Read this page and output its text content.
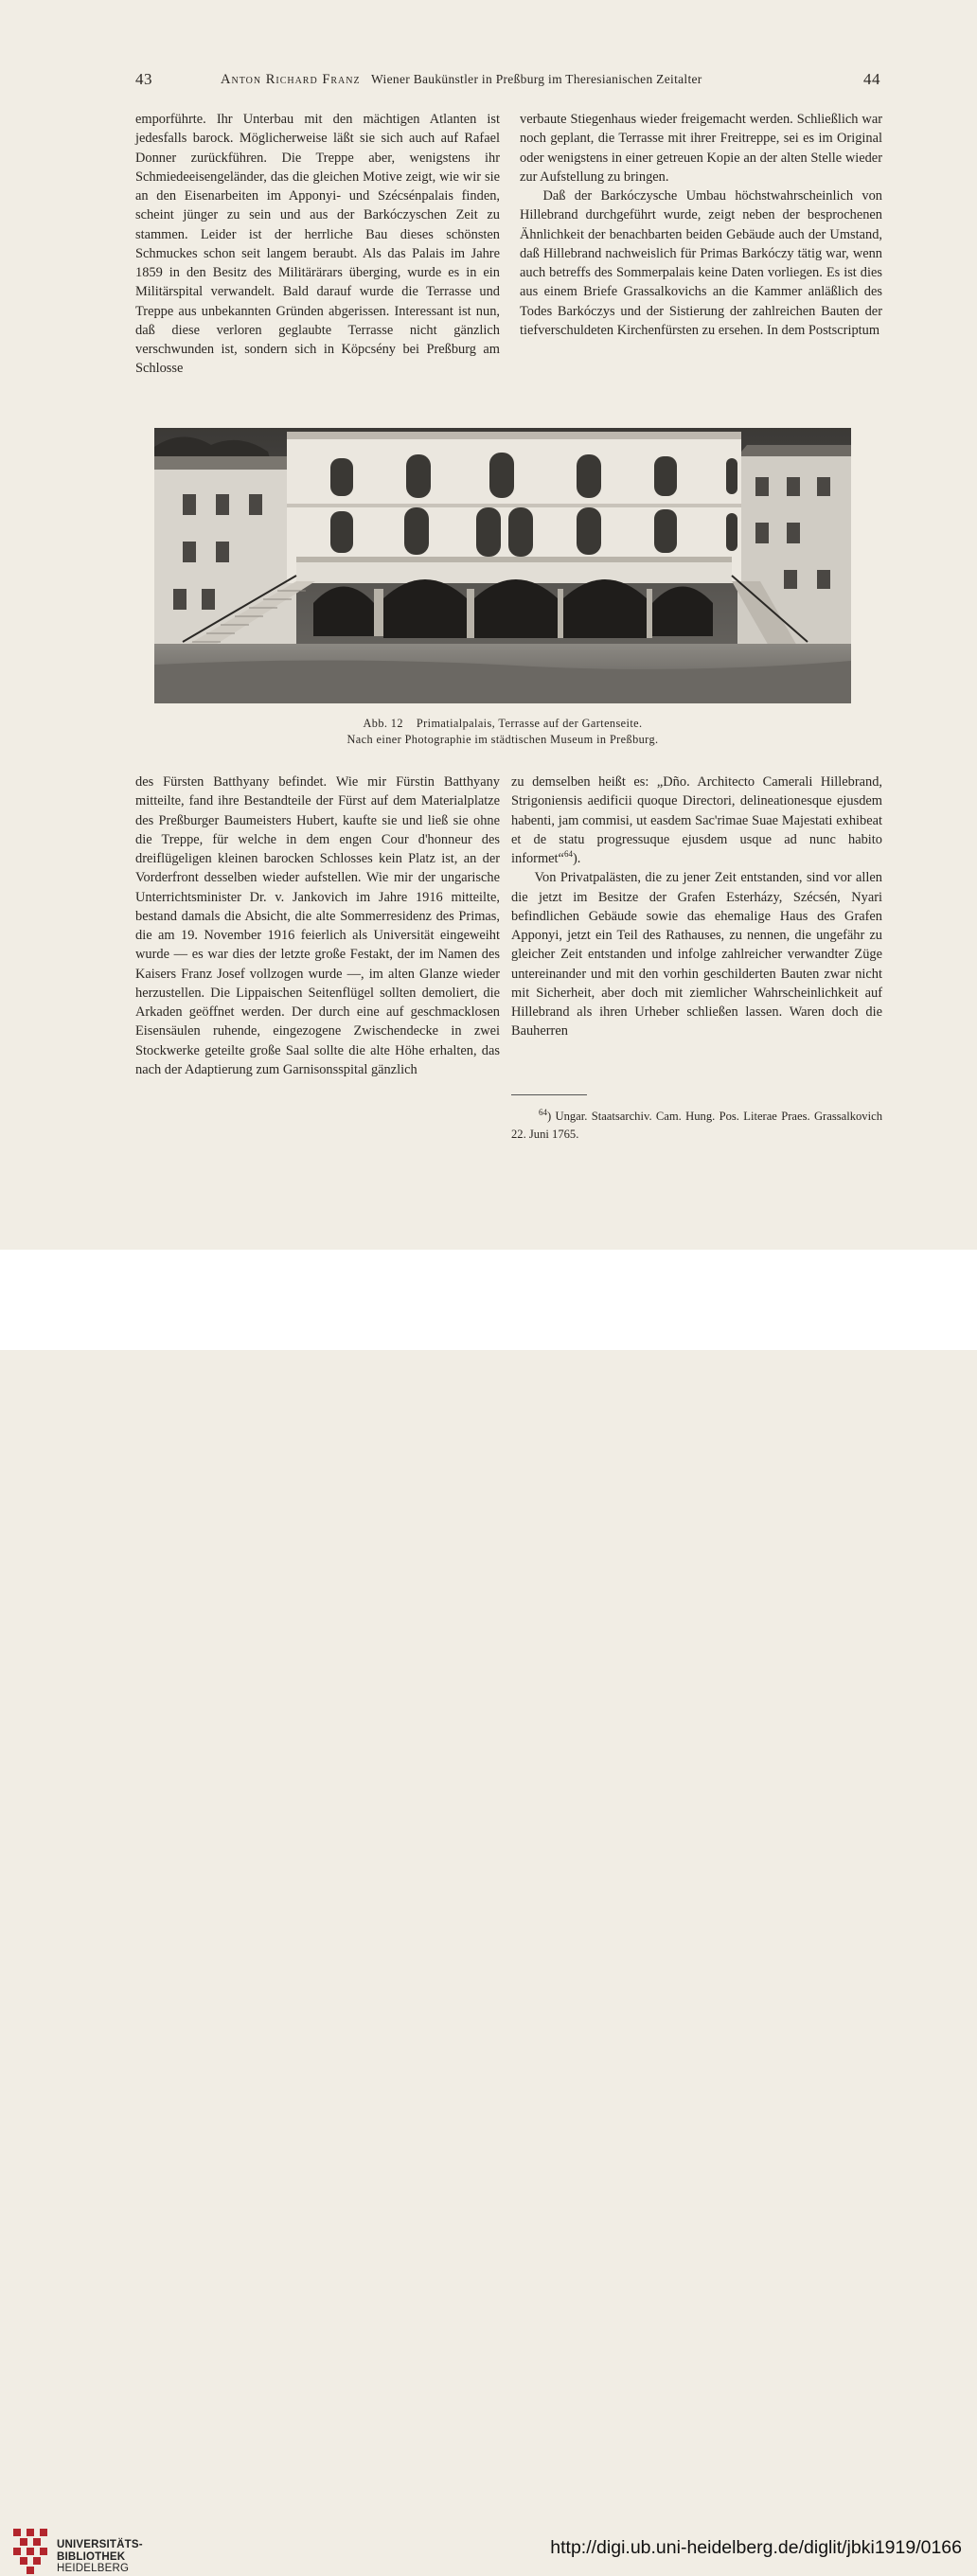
43	Anton Richard Franz Wiener Baukünstler in Preßburg im Theresianischen Zeitalter	44

emporführte. Ihr Unterbau mit den mächtigen Atlanten ist jedesfalls barock. Möglicherweise läßt sie sich auch auf Rafael Donner zurückführen. Die Treppe aber, wenigstens ihr Schmiedeeisengeländer, das die gleichen Motive zeigt, wie wir sie an den Eisenarbeiten im Apponyi- und Szécsénpalais finden, scheint jünger zu sein und aus der Barkóczyschen Zeit zu stammen. Leider ist der herrliche Bau dieses schönsten Schmuckes schon seit langem beraubt. Als das Palais im Jahre 1859 in den Besitz des Militärärars überging, wurde es in ein Militärspital verwandelt. Bald darauf wurde die Terrasse und Treppe aus unbekannten Gründen abgerissen. Interessant ist nun, daß diese verloren geglaubte Terrasse nicht gänzlich verschwunden ist, sondern sich in Köpcsény bei Preßburg am Schlosse

verbaute Stiegenhaus wieder freigemacht werden. Schließlich war noch geplant, die Terrasse mit ihrer Freitreppe, sei es im Original oder wenigstens in einer getreuen Kopie an der alten Stelle wieder zur Aufstellung zu bringen.

Daß der Barkóczysche Umbau höchstwahrscheinlich von Hillebrand durchgeführt wurde, zeigt neben der besprochenen Ähnlichkeit der benachbarten beiden Gebäude auch der Umstand, daß Hillebrand nachweislich für Primas Barkóczy tätig war, wenn auch betreffs des Sommerpalais keine Daten vorliegen. Es ist dies aus einem Briefe Grassalkovichs an die Kammer anläßlich des Todes Barkóczys und der Sistierung der zahlreichen Bauten der tiefverschuldeten Kirchenfürsten zu ersehen. In dem Postscriptum

Abb. 12 Primatialpalais, Terrasse auf der Gartenseite.
Nach einer Photographie im städtischen Museum in Preßburg.

des Fürsten Batthyany befindet. Wie mir Fürstin Batthyany mitteilte, fand ihre Bestandteile der Fürst auf dem Materialplatze des Preßburger Baumeisters Hubert, kaufte sie und ließ sie ohne die Treppe, für welche in dem engen Cour d'honneur des dreiflügeligen kleinen barocken Schlosses kein Platz ist, an der Vorderfront desselben wieder aufstellen. Wie mir der ungarische Unterrichtsminister Dr. v. Jankovich im Jahre 1916 mitteilte, bestand damals die Absicht, die alte Sommerresidenz des Primas, die am 19. November 1916 feierlich als Universität eingeweiht wurde — es war dies der letzte große Festakt, der im Namen des Kaisers Franz Josef vollzogen wurde —, im alten Glanze wieder herzustellen. Die Lippaischen Seitenflügel sollten demoliert, die Arkaden geöffnet werden. Der durch eine auf geschmacklosen Eisensäulen ruhende, eingezogene Zwischendecke in zwei Stockwerke geteilte große Saal sollte die alte Höhe erhalten, das nach der Adaptierung zum Garnisonsspital gänzlich

zu demselben heißt es: „Dño. Architecto Camerali Hillebrand, Strigoniensis aedificii quoque Directori, delineationesque ejusdem habenti, jam commisi, ut easdem Sac'rimae Suae Majestati exhibeat et de statu progressuque ejusdem usque ad nunc habito informet“$^{64}$).

Von Privatpalästen, die zu jener Zeit entstanden, sind vor allen die jetzt im Besitze der Grafen Esterházy, Szécsén, Nyari befindlichen Gebäude sowie das ehemalige Haus des Grafen Apponyi, jetzt ein Teil des Rathauses, zu nennen, die ungefähr zu gleicher Zeit entstanden und infolge zahlreicher verwandter Züge untereinander und mit den vorhin geschilderten Bauten zwar nicht mit Sicherheit, aber doch mit ziemlicher Wahrscheinlichkeit auf Hillebrand als ihren Urheber schließen lassen. Waren doch die Bauherren

$^{64}$) Ungar. Staatsarchiv. Cam. Hung. Pos. Literae Praes. Grassalkovich 22. Juni 1765.
UNIVERSITÄTS-
BIBLIOTHEK
HEIDELBERG
http://digi.ub.uni-heidelberg.de/diglit/jbki1919/0166
